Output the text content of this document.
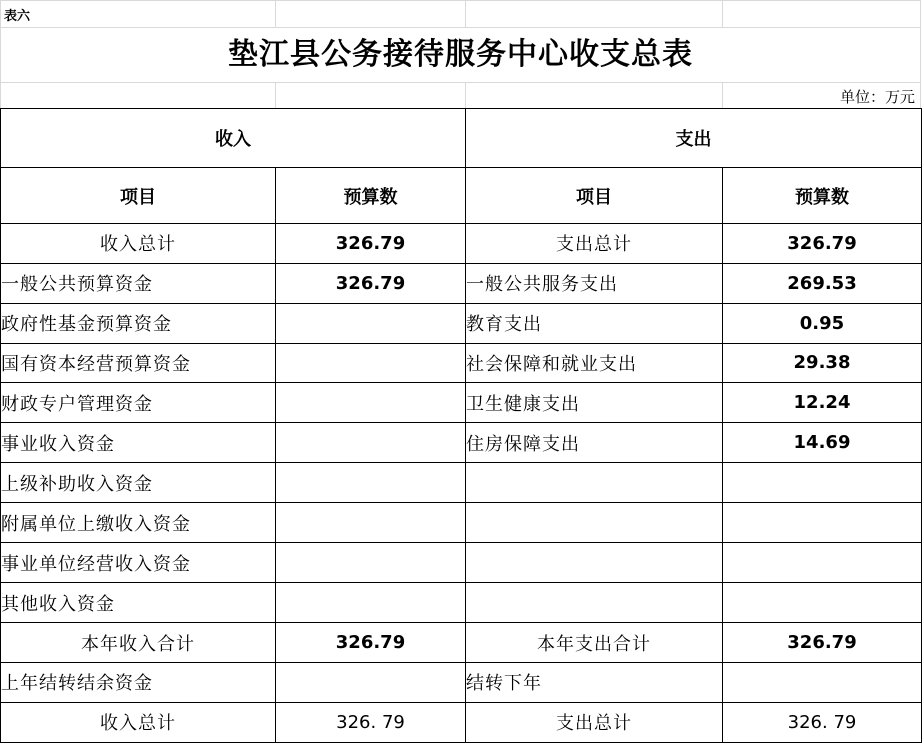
表六
垫江县公务接待服务中心收支总表
单位：万元
收入		支出	
项目	预算数	项目	预算数
收入总计	326.79	支出总计	326.79
一般公共预算资金	326.79	一般公共服务支出	269.53
政府性基金预算资金		教育支出	0.95
国有资本经营预算资金		社会保障和就业支出	29.38
财政专户管理资金		卫生健康支出	12.24
事业收入资金		住房保障支出	14.69
上级补助收入资金			
附属单位上缴收入资金			
事业单位经营收入资金			
其他收入资金			
本年收入合计	326.79	本年支出合计	326.79
上年结转结余资金		结转下年	
收入总计	326. 79	支出总计	326. 79
